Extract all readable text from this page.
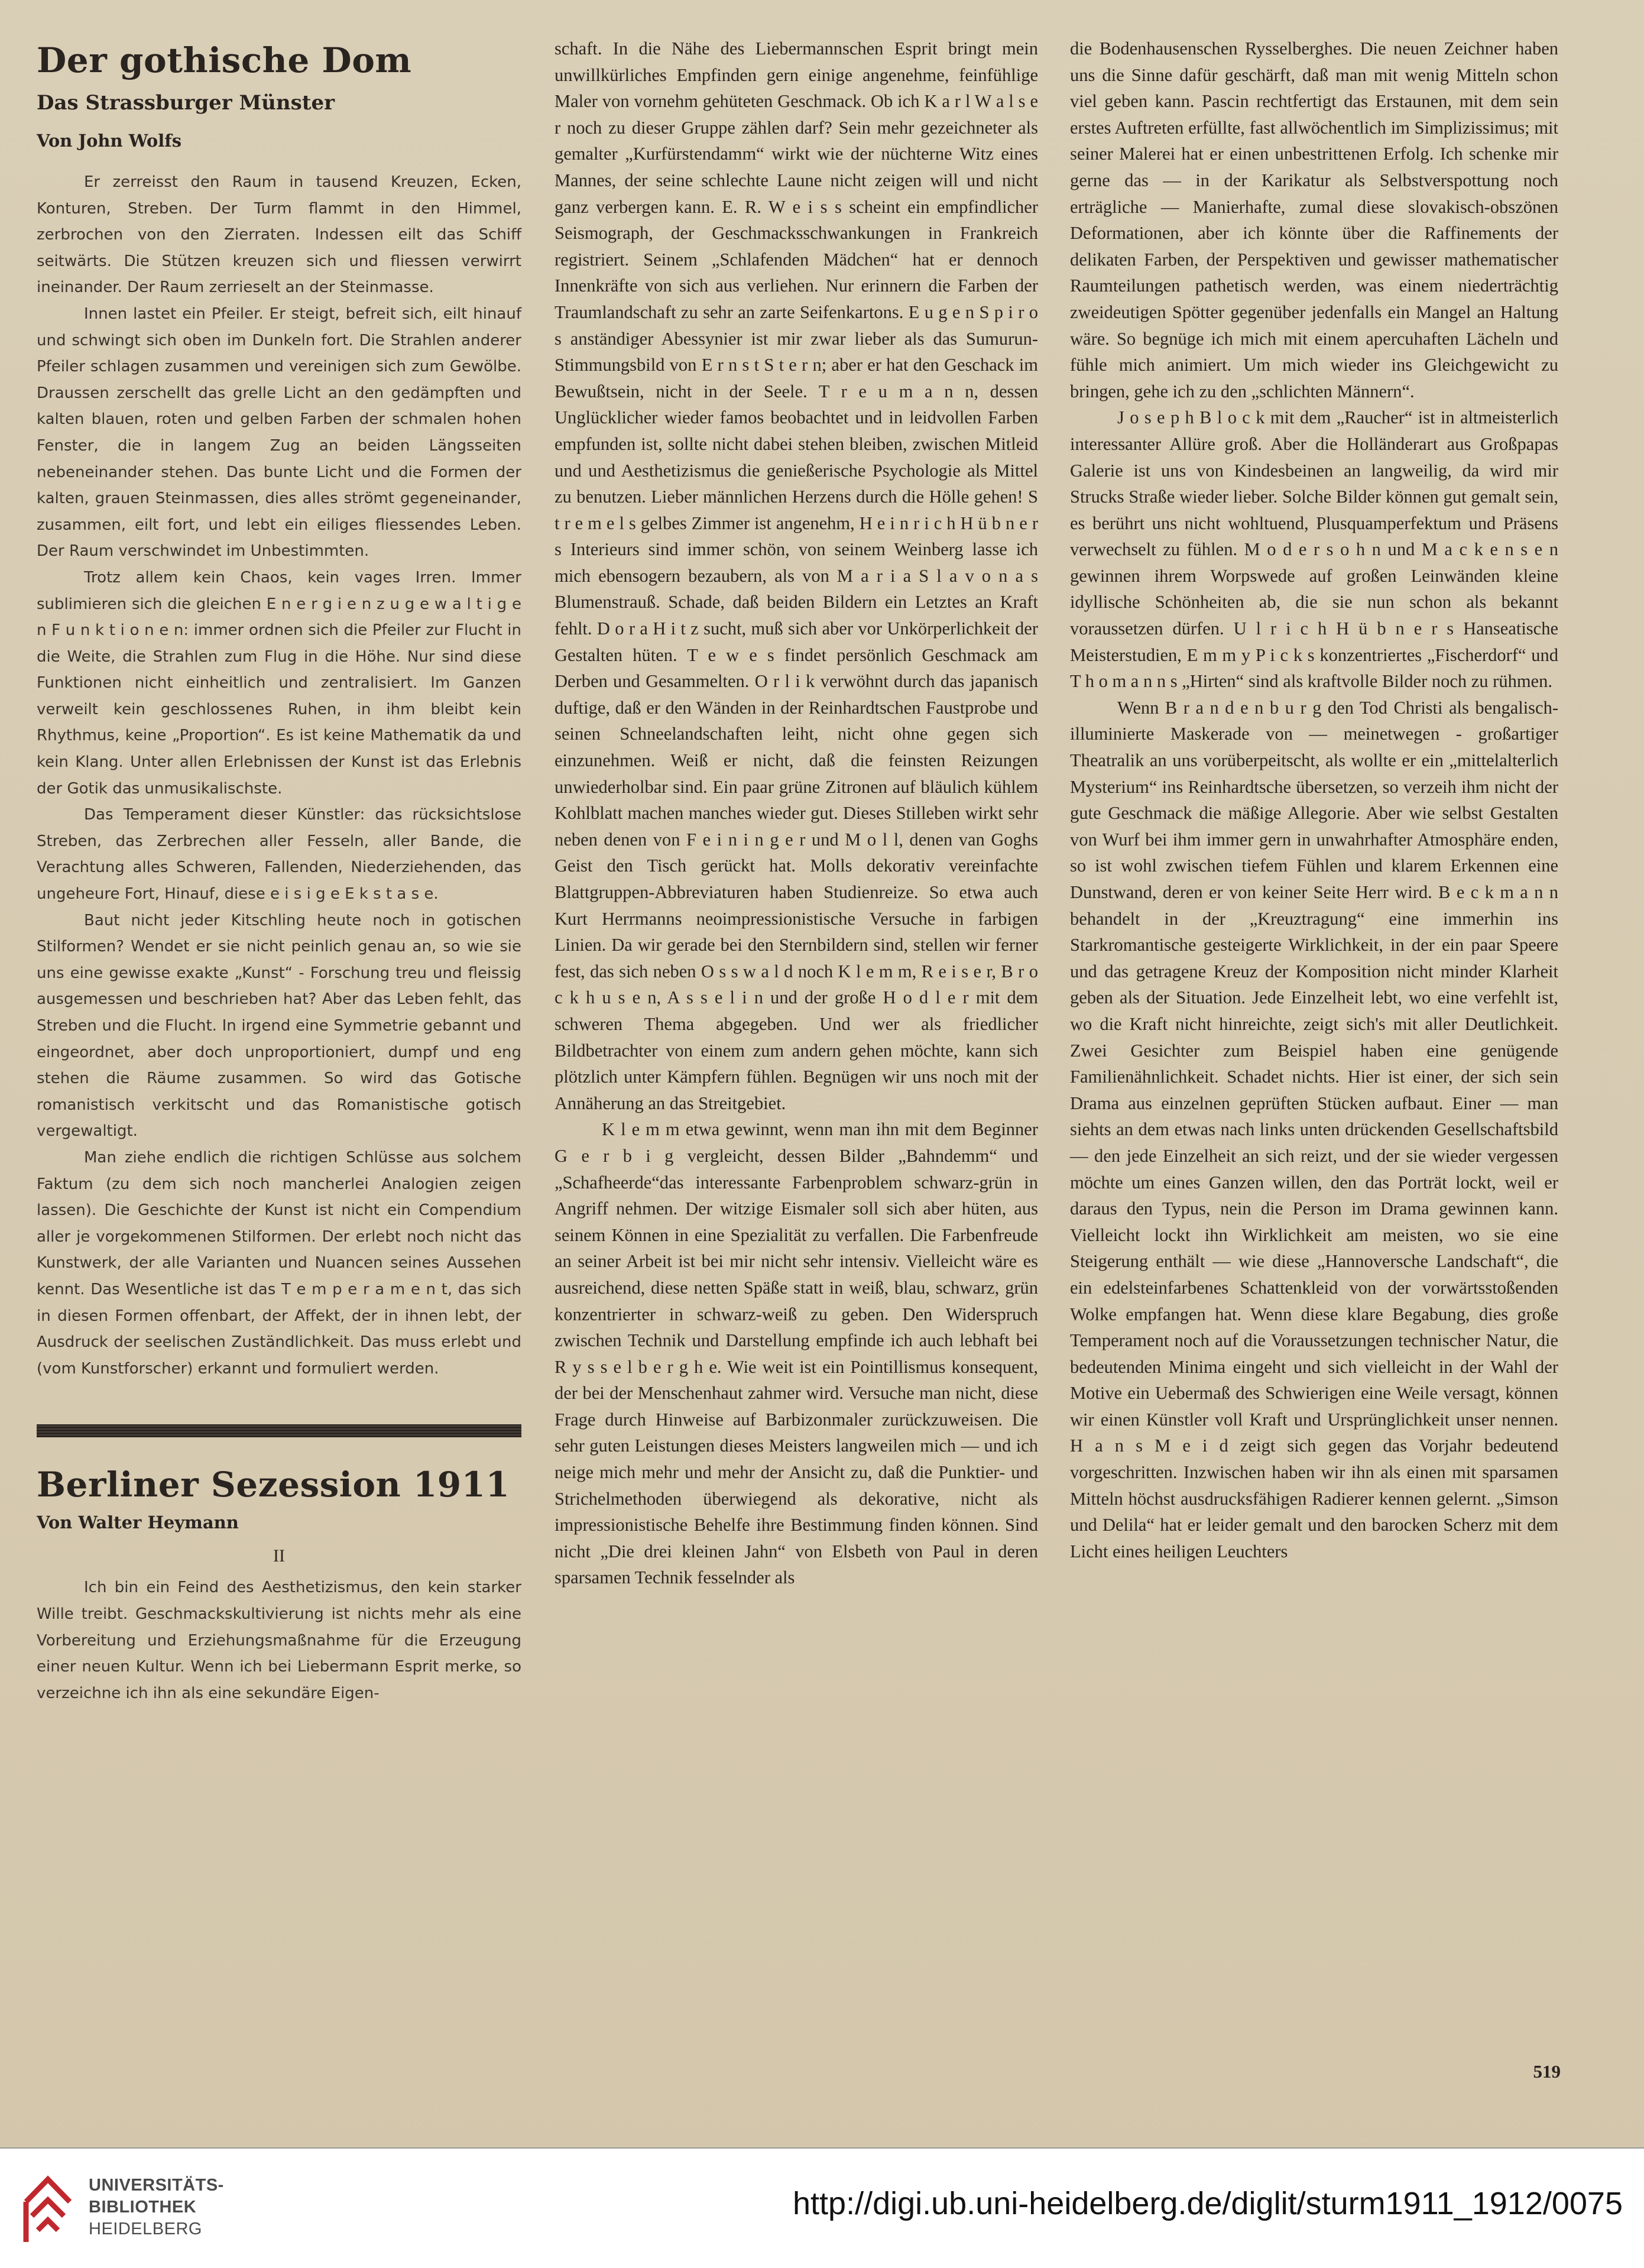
Der gothische Dom
Das Strassburger Münster
Von John Wolfs

Er zerreisst den Raum in tausend Kreuzen, Ecken, Konturen, Streben. Der Turm flammt in den Himmel, zerbrochen von den Zierraten. Indessen eilt das Schiff seitwärts. Die Stützen kreuzen sich und fliessen verwirrt ineinander. Der Raum zerrieselt an der Steinmasse.

Innen lastet ein Pfeiler. Er steigt, befreit sich, eilt hinauf und schwingt sich oben im Dunkeln fort. Die Strahlen anderer Pfeiler schlagen zusammen und vereinigen sich zum Gewölbe. Draussen zerschellt das grelle Licht an den gedämpften und kalten blauen, roten und gelben Farben der schmalen hohen Fenster, die in langem Zug an beiden Längsseiten nebeneinander stehen. Das bunte Licht und die Formen der kalten, grauen Steinmassen, dies alles strömt gegeneinander, zusammen, eilt fort, und lebt ein eiliges fliessendes Leben. Der Raum verschwindet im Unbestimmten.

Trotz allem kein Chaos, kein vages Irren. Immer sublimieren sich die gleichen E n e r g i e n z u g e w a l t i g e n F u n k t i o n e n: immer ordnen sich die Pfeiler zur Flucht in die Weite, die Strahlen zum Flug in die Höhe. Nur sind diese Funktionen nicht einheitlich und zentralisiert. Im Ganzen verweilt kein geschlossenes Ruhen, in ihm bleibt kein Rhythmus, keine „Proportion“. Es ist keine Mathematik da und kein Klang. Unter allen Erlebnissen der Kunst ist das Erlebnis der Gotik das unmusikalischste.

Das Temperament dieser Künstler: das rücksichtslose Streben, das Zerbrechen aller Fesseln, aller Bande, die Verachtung alles Schweren, Fallenden, Niederziehenden, das ungeheure Fort, Hinauf, diese e i s i g e E k s t a s e.

Baut nicht jeder Kitschling heute noch in gotischen Stilformen? Wendet er sie nicht peinlich genau an, so wie sie uns eine gewisse exakte „Kunst“ - Forschung treu und fleissig ausgemessen und beschrieben hat? Aber das Leben fehlt, das Streben und die Flucht. In irgend eine Symmetrie gebannt und eingeordnet, aber doch unproportioniert, dumpf und eng stehen die Räume zusammen. So wird das Gotische romanistisch verkitscht und das Romanistische gotisch vergewaltigt.

Man ziehe endlich die richtigen Schlüsse aus solchem Faktum (zu dem sich noch mancherlei Analogien zeigen lassen). Die Geschichte der Kunst ist nicht ein Compendium aller je vorgekommenen Stilformen. Der erlebt noch nicht das Kunstwerk, der alle Varianten und Nuancen seines Aussehen kennt. Das Wesentliche ist das T e m p e r a m e n t, das sich in diesen Formen offenbart, der Affekt, der in ihnen lebt, der Ausdruck der seelischen Zuständlichkeit. Das muss erlebt und (vom Kunstforscher) erkannt und formuliert werden.

Berliner Sezession 1911
Von Walter Heymann
II

Ich bin ein Feind des Aesthetizismus, den kein starker Wille treibt. Geschmackskultivierung ist nichts mehr als eine Vorbereitung und Erziehungsmaßnahme für die Erzeugung einer neuen Kultur. Wenn ich bei Liebermann Esprit merke, so verzeichne ich ihn als eine sekundäre Eigen-

schaft. In die Nähe des Liebermannschen Esprit bringt mein unwillkürliches Empfinden gern einige angenehme, feinfühlige Maler von vornehm gehüteten Geschmack. Ob ich K a r l W a l s e r noch zu dieser Gruppe zählen darf? Sein mehr gezeichneter als gemalter „Kurfürstendamm“ wirkt wie der nüchterne Witz eines Mannes, der seine schlechte Laune nicht zeigen will und nicht ganz verbergen kann. E. R. W e i s s scheint ein empfindlicher Seismograph, der Geschmacksschwankungen in Frankreich registriert. Seinem „Schlafenden Mädchen“ hat er dennoch Innenkräfte von sich aus verliehen. Nur erinnern die Farben der Traumlandschaft zu sehr an zarte Seifenkartons. E u g e n S p i r o s anständiger Abessynier ist mir zwar lieber als das Sumurun-Stimmungsbild von E r n s t S t e r n; aber er hat den Geschack im Bewußtsein, nicht in der Seele. T r e u m a n n, dessen Unglücklicher wieder famos beobachtet und in leidvollen Farben empfunden ist, sollte nicht dabei stehen bleiben, zwischen Mitleid und und Aesthetizismus die genießerische Psychologie als Mittel zu benutzen. Lieber männlichen Herzens durch die Hölle gehen! S t r e m e l s gelbes Zimmer ist angenehm, H e i n r i c h H ü b n e r s Interieurs sind immer schön, von seinem Weinberg lasse ich mich ebensogern bezaubern, als von M a r i a S l a v o n a s Blumenstrauß. Schade, daß beiden Bildern ein Letztes an Kraft fehlt. D o r a H i t z sucht, muß sich aber vor Unkörperlichkeit der Gestalten hüten. T e w e s findet persönlich Geschmack am Derben und Gesammelten. O r l i k verwöhnt durch das japanisch duftige, daß er den Wänden in der Reinhardtschen Faustprobe und seinen Schneelandschaften leiht, nicht ohne gegen sich einzunehmen. Weiß er nicht, daß die feinsten Reizungen unwiederholbar sind. Ein paar grüne Zitronen auf bläulich kühlem Kohlblatt machen manches wieder gut. Dieses Stilleben wirkt sehr neben denen von F e i n i n g e r und M o l l, denen van Goghs Geist den Tisch gerückt hat. Molls dekorativ vereinfachte Blattgruppen-Abbreviaturen haben Studienreize. So etwa auch Kurt Herrmanns neoimpressionistische Versuche in farbigen Linien. Da wir gerade bei den Sternbildern sind, stellen wir ferner fest, das sich neben O s s w a l d noch K l e m m, R e i s e r, B r o c k h u s e n, A s s e l i n und der große H o d l e r mit dem schweren Thema abgegeben. Und wer als friedlicher Bildbetrachter von einem zum andern gehen möchte, kann sich plötzlich unter Kämpfern fühlen. Begnügen wir uns noch mit der Annäherung an das Streitgebiet.

K l e m m etwa gewinnt, wenn man ihn mit dem Beginner G e r b i g vergleicht, dessen Bilder „Bahndemm“ und „Schafheerde“das interessante Farbenproblem schwarz-grün in Angriff nehmen. Der witzige Eismaler soll sich aber hüten, aus seinem Können in eine Spezialität zu verfallen. Die Farbenfreude an seiner Arbeit ist bei mir nicht sehr intensiv. Vielleicht wäre es ausreichend, diese netten Späße statt in weiß, blau, schwarz, grün konzentrierter in schwarz-weiß zu geben. Den Widerspruch zwischen Technik und Darstellung empfinde ich auch lebhaft bei R y s s e l b e r g h e. Wie weit ist ein Pointillismus konsequent, der bei der Menschenhaut zahmer wird. Versuche man nicht, diese Frage durch Hinweise auf Barbizonmaler zurückzuweisen. Die sehr guten Leistungen dieses Meisters langweilen mich — und ich neige mich mehr und mehr der Ansicht zu, daß die Punktier- und Strichelmethoden überwiegend als dekorative, nicht als impressionistische Behelfe ihre Bestimmung finden können. Sind nicht „Die drei kleinen Jahn“ von Elsbeth von Paul in deren sparsamen Technik fesselnder als

die Bodenhausenschen Rysselberghes. Die neuen Zeichner haben uns die Sinne dafür geschärft, daß man mit wenig Mitteln schon viel geben kann. Pascin rechtfertigt das Erstaunen, mit dem sein erstes Auftreten erfüllte, fast allwöchentlich im Simplizissimus; mit seiner Malerei hat er einen unbestrittenen Erfolg. Ich schenke mir gerne das — in der Karikatur als Selbstverspottung noch erträgliche — Manierhafte, zumal diese slovakisch-obszönen Deformationen, aber ich könnte über die Raffinements der delikaten Farben, der Perspektiven und gewisser mathematischer Raumteilungen pathetisch werden, was einem niederträchtig zweideutigen Spötter gegenüber jedenfalls ein Mangel an Haltung wäre. So begnüge ich mich mit einem apercuhaften Lächeln und fühle mich animiert. Um mich wieder ins Gleichgewicht zu bringen, gehe ich zu den „schlichten Männern“.

J o s e p h B l o c k mit dem „Raucher“ ist in altmeisterlich interessanter Allüre groß. Aber die Holländerart aus Großpapas Galerie ist uns von Kindesbeinen an langweilig, da wird mir Strucks Straße wieder lieber. Solche Bilder können gut gemalt sein, es berührt uns nicht wohltuend, Plusquamperfektum und Präsens verwechselt zu fühlen. M o d e r s o h n und M a c k e n s e n gewinnen ihrem Worpswede auf großen Leinwänden kleine idyllische Schönheiten ab, die sie nun schon als bekannt voraussetzen dürfen. U l r i c h H ü b n e r s Hanseatische Meisterstudien, E m m y P i c k s konzentriertes „Fischerdorf“ und T h o m a n n s „Hirten“ sind als kraftvolle Bilder noch zu rühmen.

Wenn B r a n d e n b u r g den Tod Christi als bengalisch-illuminierte Maskerade von — meinetwegen - großartiger Theatralik an uns vorüberpeitscht, als wollte er ein „mittelalterlich Mysterium“ ins Reinhardtsche übersetzen, so verzeih ihm nicht der gute Geschmack die mäßige Allegorie. Aber wie selbst Gestalten von Wurf bei ihm immer gern in unwahrhafter Atmosphäre enden, so ist wohl zwischen tiefem Fühlen und klarem Erkennen eine Dunstwand, deren er von keiner Seite Herr wird. B e c k m a n n behandelt in der „Kreuztragung“ eine immerhin ins Starkromantische gesteigerte Wirklichkeit, in der ein paar Speere und das getragene Kreuz der Komposition nicht minder Klarheit geben als der Situation. Jede Einzelheit lebt, wo eine verfehlt ist, wo die Kraft nicht hinreichte, zeigt sich's mit aller Deutlichkeit. Zwei Gesichter zum Beispiel haben eine genügende Familienähnlichkeit. Schadet nichts. Hier ist einer, der sich sein Drama aus einzelnen geprüften Stücken aufbaut. Einer — man siehts an dem etwas nach links unten drückenden Gesellschaftsbild — den jede Einzelheit an sich reizt, und der sie wieder vergessen möchte um eines Ganzen willen, den das Porträt lockt, weil er daraus den Typus, nein die Person im Drama gewinnen kann. Vielleicht lockt ihn Wirklichkeit am meisten, wo sie eine Steigerung enthält — wie diese „Hannoversche Landschaft“, die ein edelsteinfarbenes Schattenkleid von der vorwärtsstoßenden Wolke empfangen hat. Wenn diese klare Begabung, dies große Temperament noch auf die Voraussetzungen technischer Natur, die bedeutenden Minima eingeht und sich vielleicht in der Wahl der Motive ein Uebermaß des Schwierigen eine Weile versagt, können wir einen Künstler voll Kraft und Ursprünglichkeit unser nennen. H a n s M e i d zeigt sich gegen das Vorjahr bedeutend vorgeschritten. Inzwischen haben wir ihn als einen mit sparsamen Mitteln höchst ausdrucksfähigen Radierer kennen gelernt. „Simson und Delila“ hat er leider gemalt und den barocken Scherz mit dem Licht eines heiligen Leuchters

519
UNIVERSITÄTS-
BIBLIOTHEK
HEIDELBERG
http://digi.ub.uni-heidelberg.de/diglit/sturm1911_1912/0075
